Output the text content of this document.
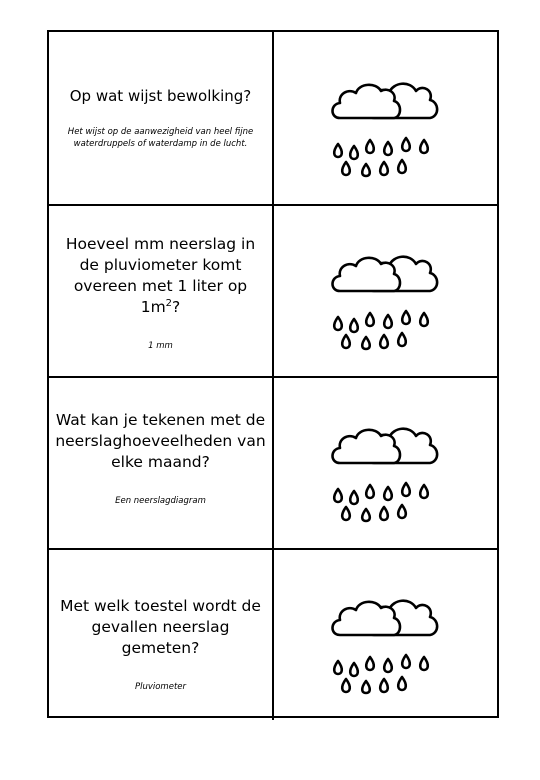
Op wat wijst bewolking?
Het wijst op de aanwezigheid van heel fijne waterdruppels of waterdamp in de lucht.
Hoeveel mm neerslag in de pluviometer komt overeen met 1 liter op $1m^2$?
1 mm
Wat kan je tekenen met de neerslaghoeveelheden van elke maand?
Een neerslagdiagram
Met welk toestel wordt de gevallen neerslag gemeten?
Pluviometer
